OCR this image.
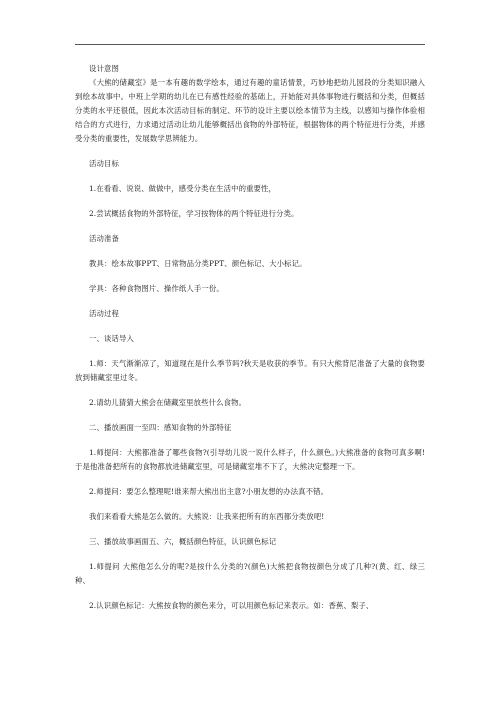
设计意图

《大熊的储藏室》是一本有趣的数学绘本，通过有趣的童话情景，巧妙地把幼儿园段的分类知识融入到绘本故事中。中班上学期的幼儿在已有感性经验的基础上，开始能对具体事物进行概括和分类，但概括分类的水平还很低，因此本次活动目标的制定、环节的设计主要以绘本情节为主线，以感知与操作体验相结合的方式进行，力求通过活动让幼儿能够概括出食物的外部特征，根据物体的两个特征进行分类，并感受分类的重要性，发展数学思辨能力。

活动目标

1.在看看、说说、做做中，感受分类在生活中的重要性，

2.尝试概括食物的外部特征，学习按物体的两个特征进行分类。

活动准备

教具：绘本故事PPT、日常物品分类PPT、颜色标记、大小标记。

学具：各种食物图片、操作纸人手一份。

活动过程

一、谈话导入

1.师：天气渐渐凉了，知道现在是什么季节吗?秋天是收获的季节。有只大熊背尼准备了大量的食物要放到储藏室里过冬。

2.请幼儿猜猜大熊会在储藏室里放些什么食物。

二、播放画面一至四：感知食物的外部特征

1.师提问：大熊都准备了哪些食物?(引导幼儿说一说什么样子，什么颜色。)大熊准备的食物可真多啊!于是他准备把所有的食物都放进储藏室里，可是储藏室堆不下了，大熊决定整理一下。

2.师提问：要怎么整理呢!谁来帮大熊出出主意?小朋友想的办法真不错。

我们来看看大熊是怎么做的。大熊说：让我来把所有的东西都分类放吧!

三、播放故事画面五、六，概括颜色特征，认识颜色标记

1.师提问 大熊他怎么分的呢?是按什么分类的?(颜色)大熊把食物按颜色分成了几种?(黄、红、绿三种、

2.认识颜色标记：大熊按食物的颜色来分，可以用颜色标记来表示。如：香蕉、梨子、
